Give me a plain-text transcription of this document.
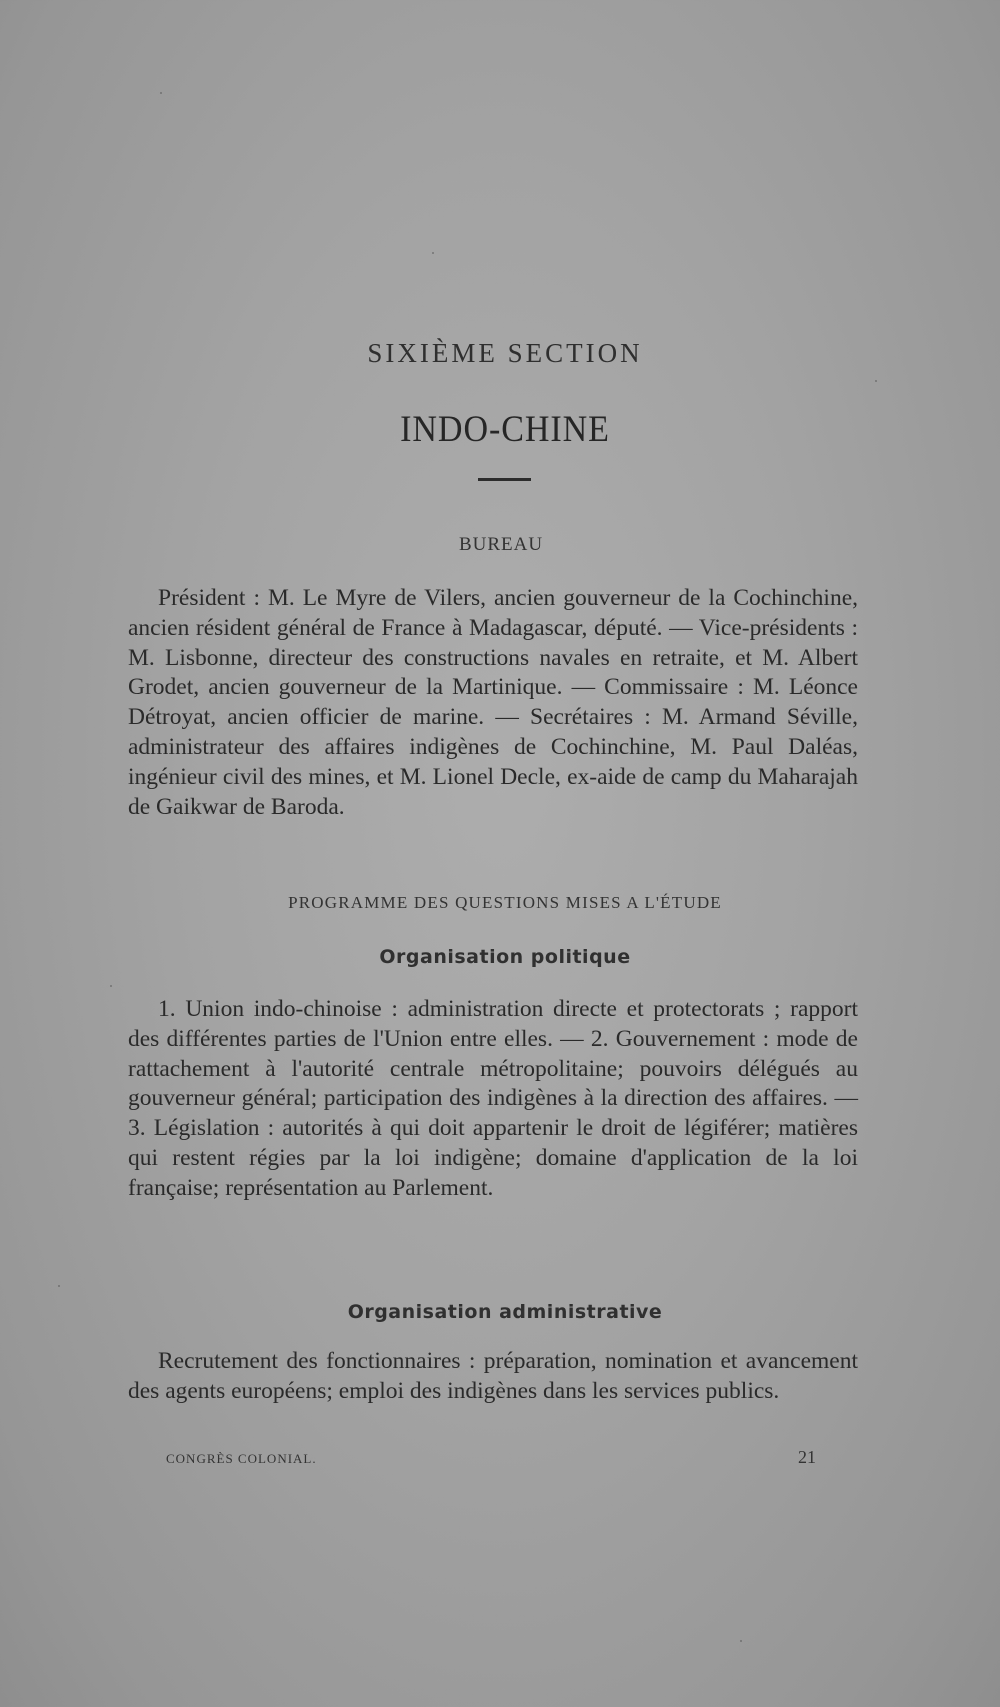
SIXIÈME SECTION
INDO-CHINE
BUREAU
Président : M. Le Myre de Vilers, ancien gouverneur de la Cochinchine, ancien résident général de France à Madagascar, député. — Vice-présidents : M. Lisbonne, directeur des constructions navales en retraite, et M. Albert Grodet, ancien gouverneur de la Martinique. — Commissaire : M. Léonce Détroyat, ancien officier de marine. — Secrétaires : M. Armand Séville, administrateur des affaires indigènes de Cochinchine, M. Paul Daléas, ingénieur civil des mines, et M. Lionel Decle, ex-aide de camp du Maharajah de Gaikwar de Baroda.
PROGRAMME DES QUESTIONS MISES A L'ÉTUDE
Organisation politique
1. Union indo-chinoise : administration directe et protectorats ; rapport des différentes parties de l'Union entre elles. — 2. Gouvernement : mode de rattachement à l'autorité centrale métropolitaine; pouvoirs délégués au gouverneur général; participation des indigènes à la direction des affaires. — 3. Législation : autorités à qui doit appartenir le droit de légiférer; matières qui restent régies par la loi indigène; domaine d'application de la loi française; représentation au Parlement.
Organisation administrative
Recrutement des fonctionnaires : préparation, nomination et avancement des agents européens; emploi des indigènes dans les services publics.
CONGRÈS COLONIAL.	21
